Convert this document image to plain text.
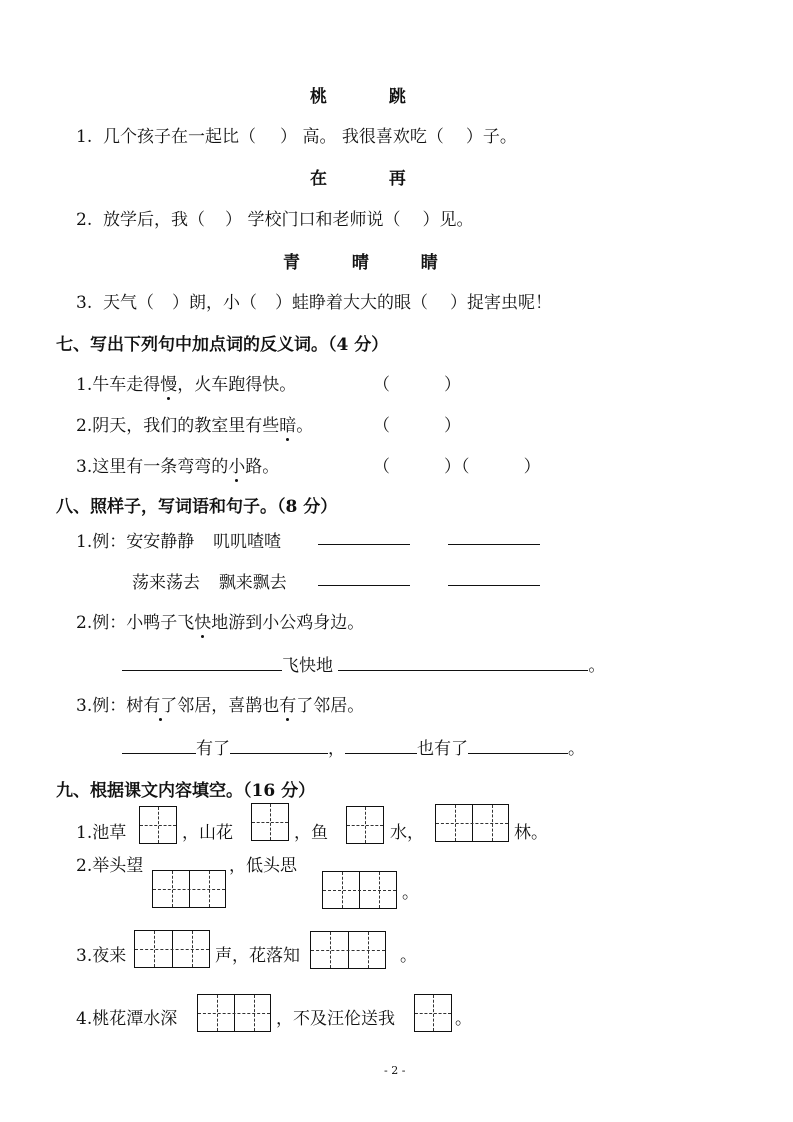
桃	跳
1. 几个孩子在一起比（ ） 高。 我很喜欢吃（ ）子。
在	再
2. 放学后，我（ ） 学校门口和老师说（ ）见。
青	晴	睛
3. 天气（ ）朗，小（ ）蛙睁着大大的眼（ ）捉害虫呢！
七、写出下列句中加点词的反义词。（4 分）
1.牛车走得慢，火车跑得快。	（          ）
2.阴天，我们的教室里有些暗。	（          ）
3.这里有一条弯弯的小路。	（          ）（          ）
八、照样子，写词语和句子。（8 分）
1.例：安安静静 叽叽喳喳
荡来荡去 飘来飘去
2.例：小鸭子飞快地游到小公鸡身边。
飞快地	。
3.例：树有了邻居，喜鹊也有了邻居。
有了	，	也有了	。
九、根据课文内容填空。（16 分）
1.池草	，山花	，鱼	水，	林。
2.举头望	，低头思
。
3.夜来	声，花落知	。
4.桃花潭水深	，不及汪伦送我	。
- 2 -
